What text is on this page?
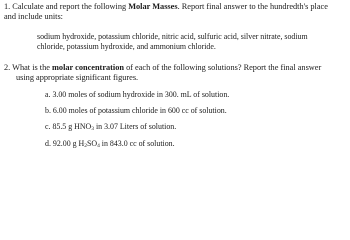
1. Calculate and report the following Molar Masses. Report final answer to the hundredth's place
and include units:
sodium hydroxide, potassium chloride, nitric acid, sulfuric acid, silver nitrate, sodium
chloride, potassium hydroxide, and ammonium chloride.
2. What is the molar concentration of each of the following solutions? Report the final answer
using appropriate significant figures.
a. 3.00 moles of sodium hydroxide in 300. mL of solution.
b. 6.00 moles of potassium chloride in 600 cc of solution.
c. 85.5 g $HNO_3$ in 3.07 Liters of solution.
d. 92.00 g $H_2SO_4$ in 843.0 cc of solution.
